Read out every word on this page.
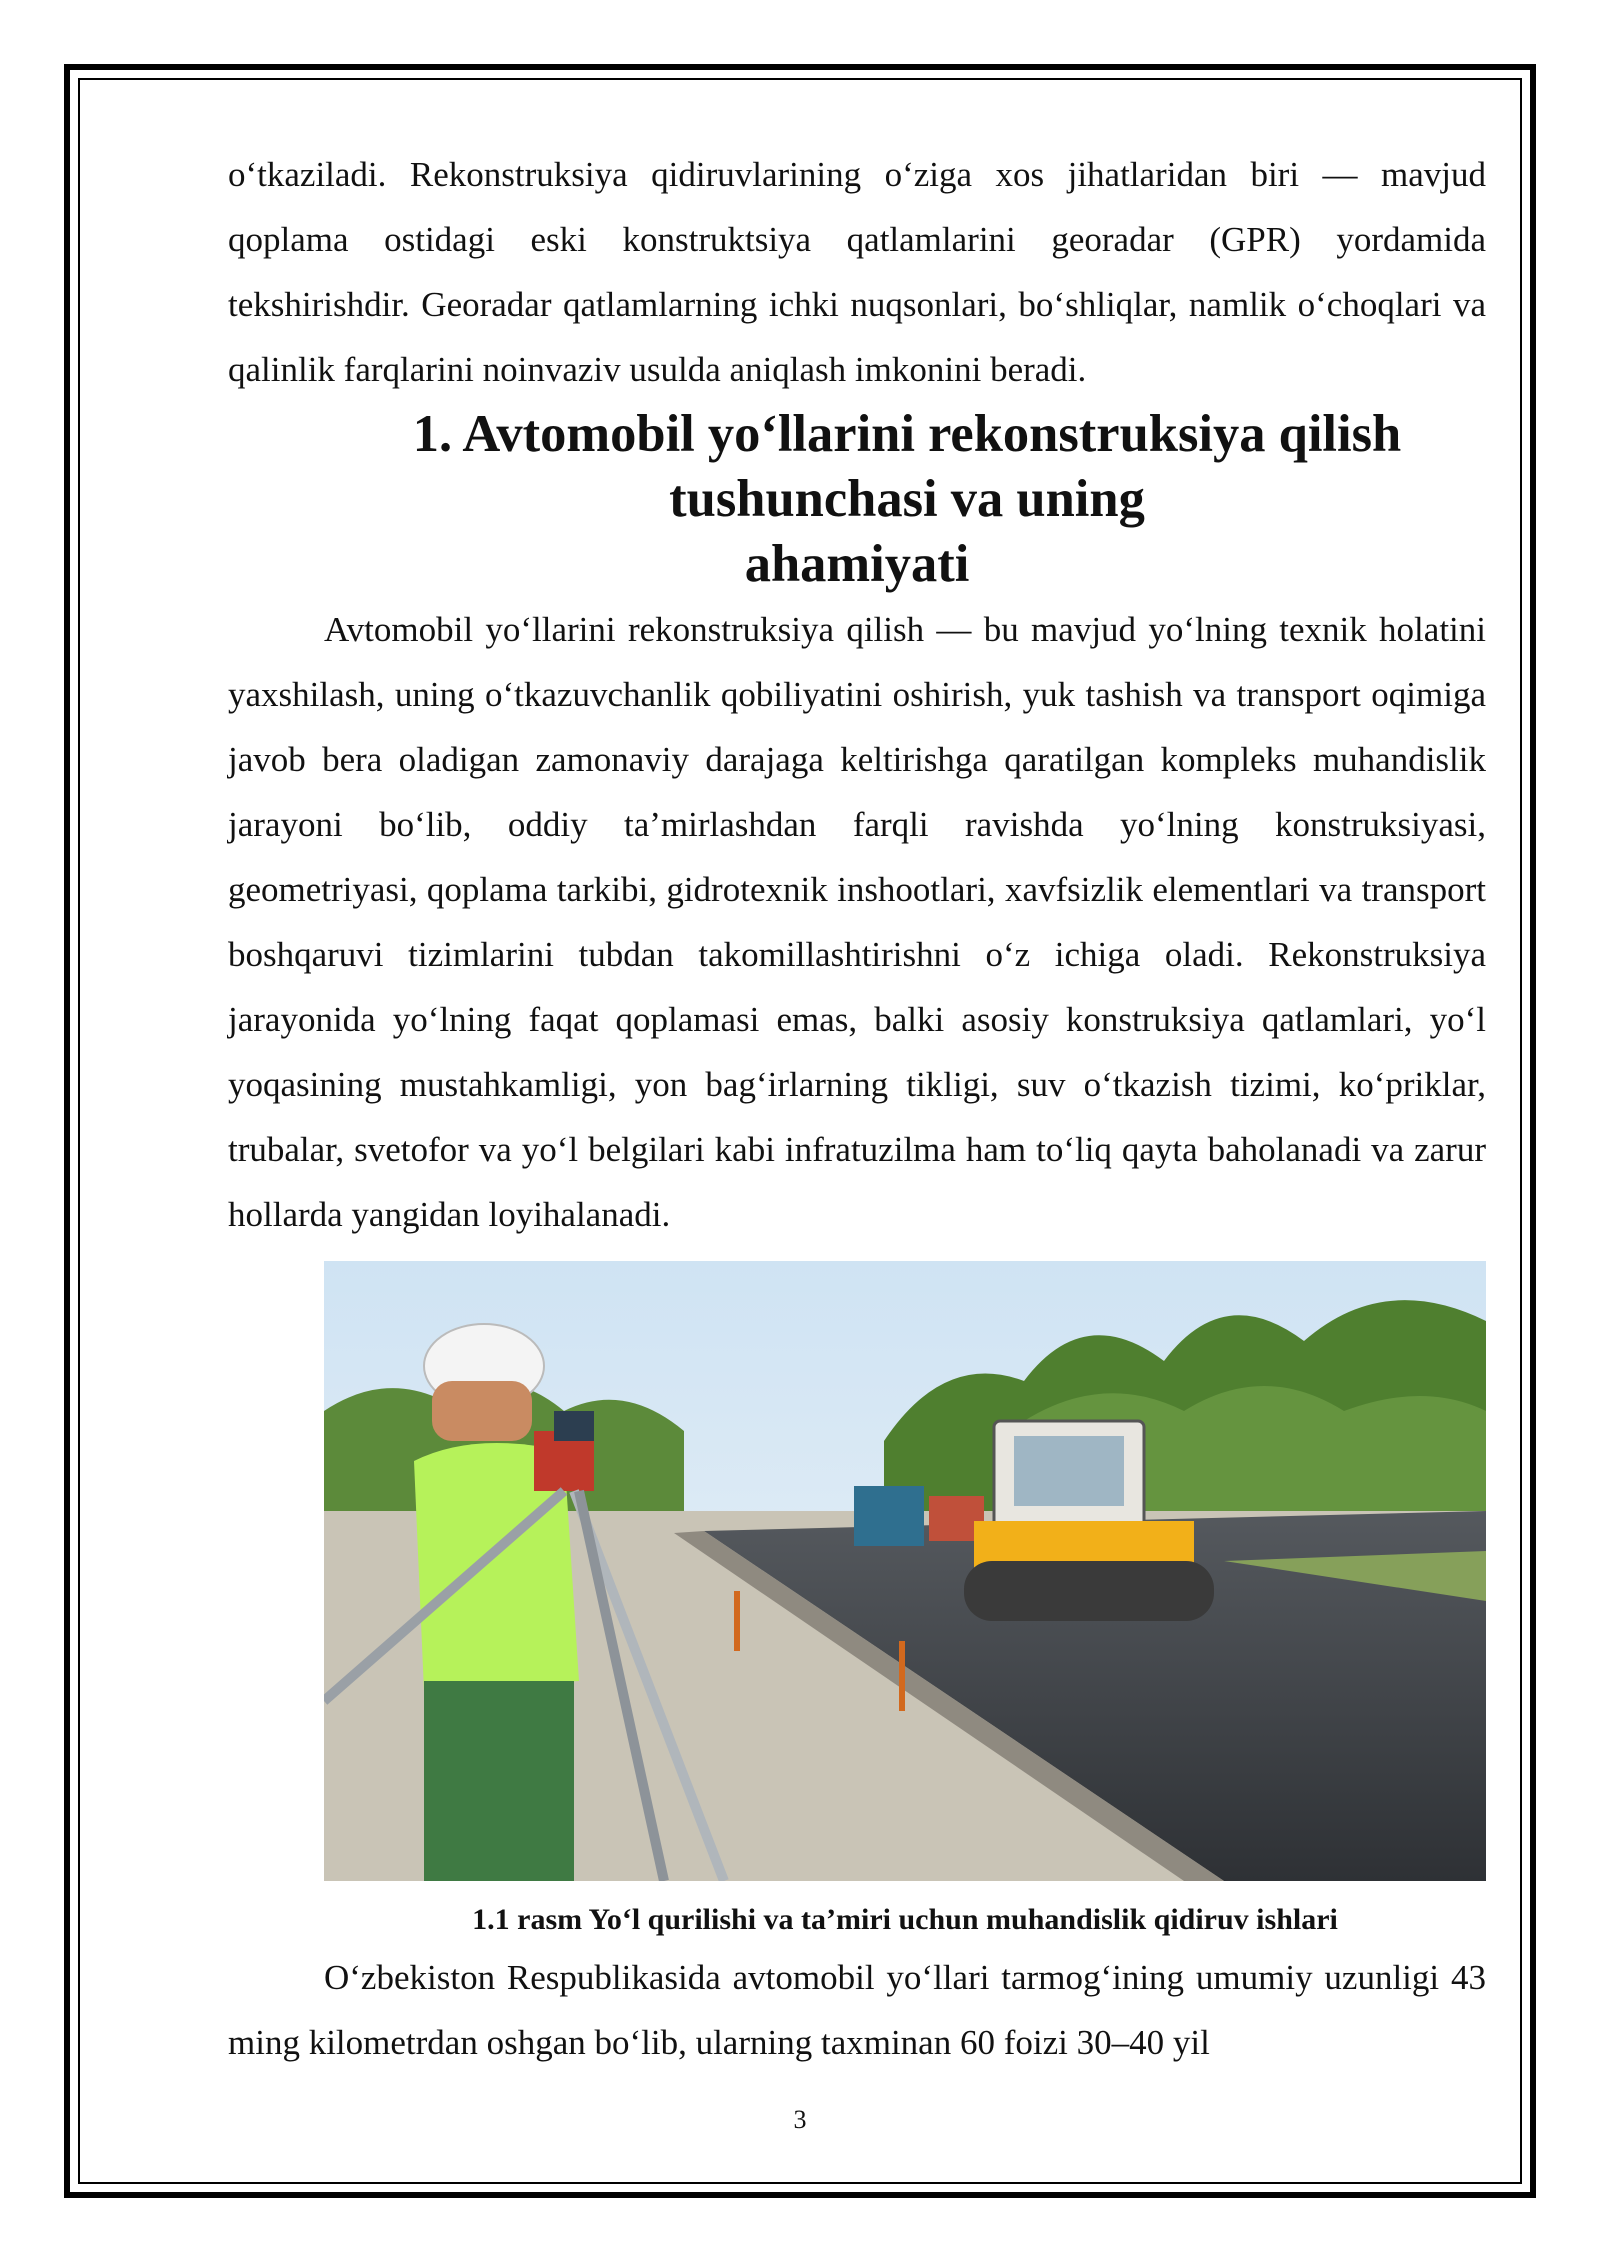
o‘tkaziladi. Rekonstruksiya qidiruvlarining o‘ziga xos jihatlaridan biri — mavjud qoplama ostidagi eski konstruktsiya qatlamlarini georadar (GPR) yordamida tekshirishdir. Georadar qatlamlarning ichki nuqsonlari, bo‘shliqlar, namlik o‘choqlari va qalinlik farqlarini noinvaziv usulda aniqlash imkonini beradi.

1. Avtomobil yo‘llarini rekonstruksiya qilish tushunchasi va uning
ahamiyati

Avtomobil yo‘llarini rekonstruksiya qilish — bu mavjud yo‘lning texnik holatini yaxshilash, uning o‘tkazuvchanlik qobiliyatini oshirish, yuk tashish va transport oqimiga javob bera oladigan zamonaviy darajaga keltirishga qaratilgan kompleks muhandislik jarayoni bo‘lib, oddiy ta’mirlashdan farqli ravishda yo‘lning konstruksiyasi, geometriyasi, qoplama tarkibi, gidrotexnik inshootlari, xavfsizlik elementlari va transport boshqaruvi tizimlarini tubdan takomillashtirishni o‘z ichiga oladi. Rekonstruksiya jarayonida yo‘lning faqat qoplamasi emas, balki asosiy konstruksiya qatlamlari, yo‘l yoqasining mustahkamligi, yon bag‘irlarning tikligi, suv o‘tkazish tizimi, ko‘priklar, trubalar, svetofor va yo‘l belgilari kabi infratuzilma ham to‘liq qayta baholanadi va zarur hollarda yangidan loyihalanadi.

1.1 rasm Yo‘l qurilishi va ta’miri uchun muhandislik qidiruv ishlari

O‘zbekiston Respublikasida avtomobil yo‘llari tarmog‘ining umumiy uzunligi 43 ming kilometrdan oshgan bo‘lib, ularning taxminan 60 foizi 30–40 yil

3
